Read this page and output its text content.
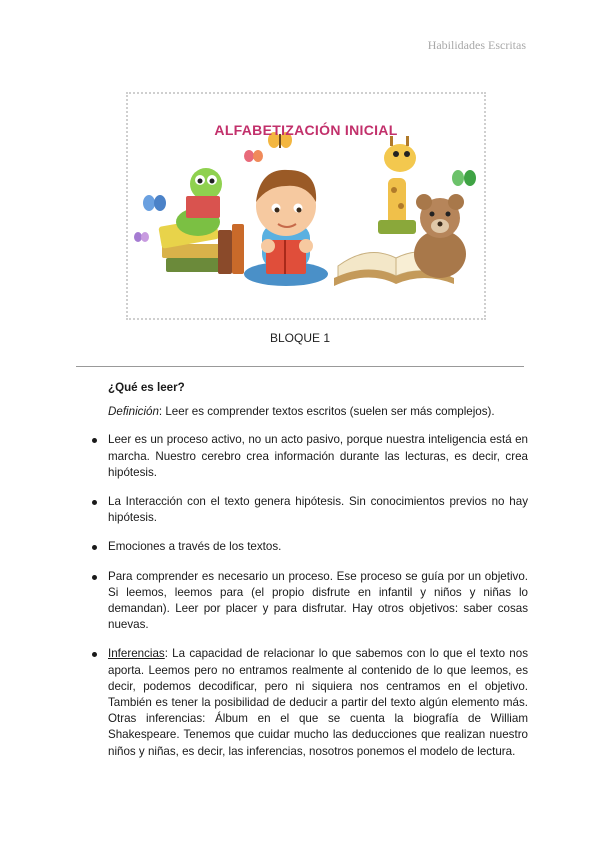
Habilidades Escritas
ALFABETIZACIÓN INICIAL
BLOQUE 1
¿Qué es leer?
Definición: Leer es comprender textos escritos (suelen ser más complejos).
Leer es un proceso activo, no un acto pasivo, porque nuestra inteligencia está en marcha. Nuestro cerebro crea información durante las lecturas, es decir, crea hipótesis.
La Interacción con el texto genera hipótesis. Sin conocimientos previos no hay hipótesis.
Emociones a través de los textos.
Para comprender es necesario un proceso. Ese proceso se guía por un objetivo. Si leemos, leemos para (el propio disfrute en infantil y niños y niñas lo demandan). Leer por placer y para disfrutar. Hay otros objetivos: saber cosas nuevas.
Inferencias: La capacidad de relacionar lo que sabemos con lo que el texto nos aporta. Leemos pero no entramos realmente al contenido de lo que leemos, es decir, podemos decodificar, pero ni siquiera nos centramos en el objetivo. También es tener la posibilidad de deducir a partir del texto algún elemento más. Otras inferencias: Álbum en el que se cuenta la biografía de William Shakespeare. Tenemos que cuidar mucho las deducciones que realizan nuestro niños y niñas, es decir, las inferencias, nosotros ponemos el modelo de lectura.
